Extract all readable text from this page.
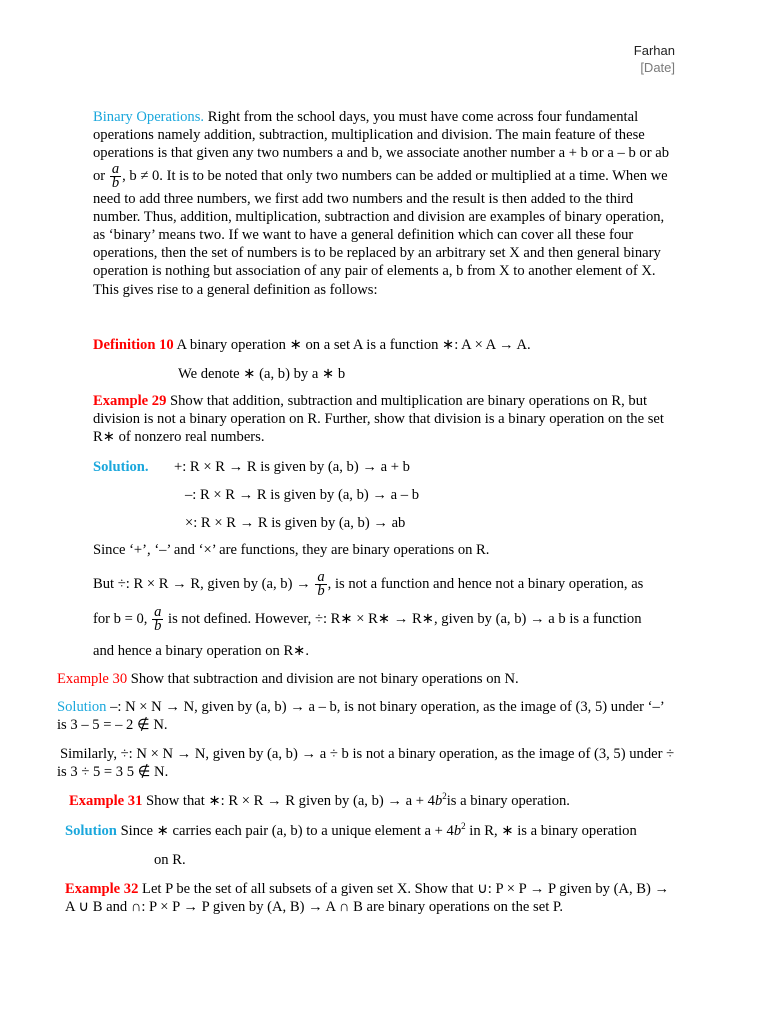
Farhan
[Date]
Binary Operations. Right from the school days, you must have come across four fundamental operations namely addition, subtraction, multiplication and division. The main feature of these operations is that given any two numbers a and b, we associate another number a + b or a – b or ab or $\frac{a}{b}$ , b ≠ 0. It is to be noted that only two numbers can be added or multiplied at a time. When we need to add three numbers, we first add two numbers and the result is then added to the third number. Thus, addition, multiplication, subtraction and division are examples of binary operation, as ‘binary’ means two. If we want to have a general definition which can cover all these four operations, then the set of numbers is to be replaced by an arbitrary set X and then general binary operation is nothing but association of any pair of elements a, b from X to another element of X. This gives rise to a general definition as follows:
Definition 10 A binary operation ∗ on a set A is a function ∗: A × A → A.
We denote ∗ (a, b) by a ∗ b
Example 29 Show that addition, subtraction and multiplication are binary operations on R, but division is not a binary operation on R. Further, show that division is a binary operation on the set R∗ of nonzero real numbers.
Solution. +: R × R → R is given by (a, b) → a + b
–: R × R → R is given by (a, b) → a – b
×: R × R → R is given by (a, b) → ab
Since ‘+’, ‘–’ and ‘×’ are functions, they are binary operations on R.
But ÷: R × R → R, given by (a, $b) \to \frac{a}{b}$ , is not a function and hence not a binary operation, as
for b = 0, $\frac{a}{b}$ is not defined. However, ÷: R∗ × R∗ → R∗, given by (a, b) → a b is a function
and hence a binary operation on R∗.
Example 30 Show that subtraction and division are not binary operations on N.
Solution –: N × N → N, given by (a, b) → a – b, is not binary operation, as the image of (3, 5) under ‘–’ is 3 – 5 = – 2 ∉ N.
Similarly, ÷: N × N → N, given by (a, b) → a ÷ b is not a binary operation, as the image of (3, 5) under ÷ is 3 ÷ 5 = 3 5 ∉ N.
Example 31 Show that ∗: R × R → R given by (a, $b) \to a + 4b^2is$ a binary operation.
Solution Since ∗ carries each pair (a, b) to a unique element $a + 4b^2$ in R, ∗ is a binary operation
on R.
Example 32 Let P be the set of all subsets of a given set X. Show that ∪: P × P → P given by (A, B) → A ∪ B and ∩: P × P → P given by (A, B) → A ∩ B are binary operations on the set P.
